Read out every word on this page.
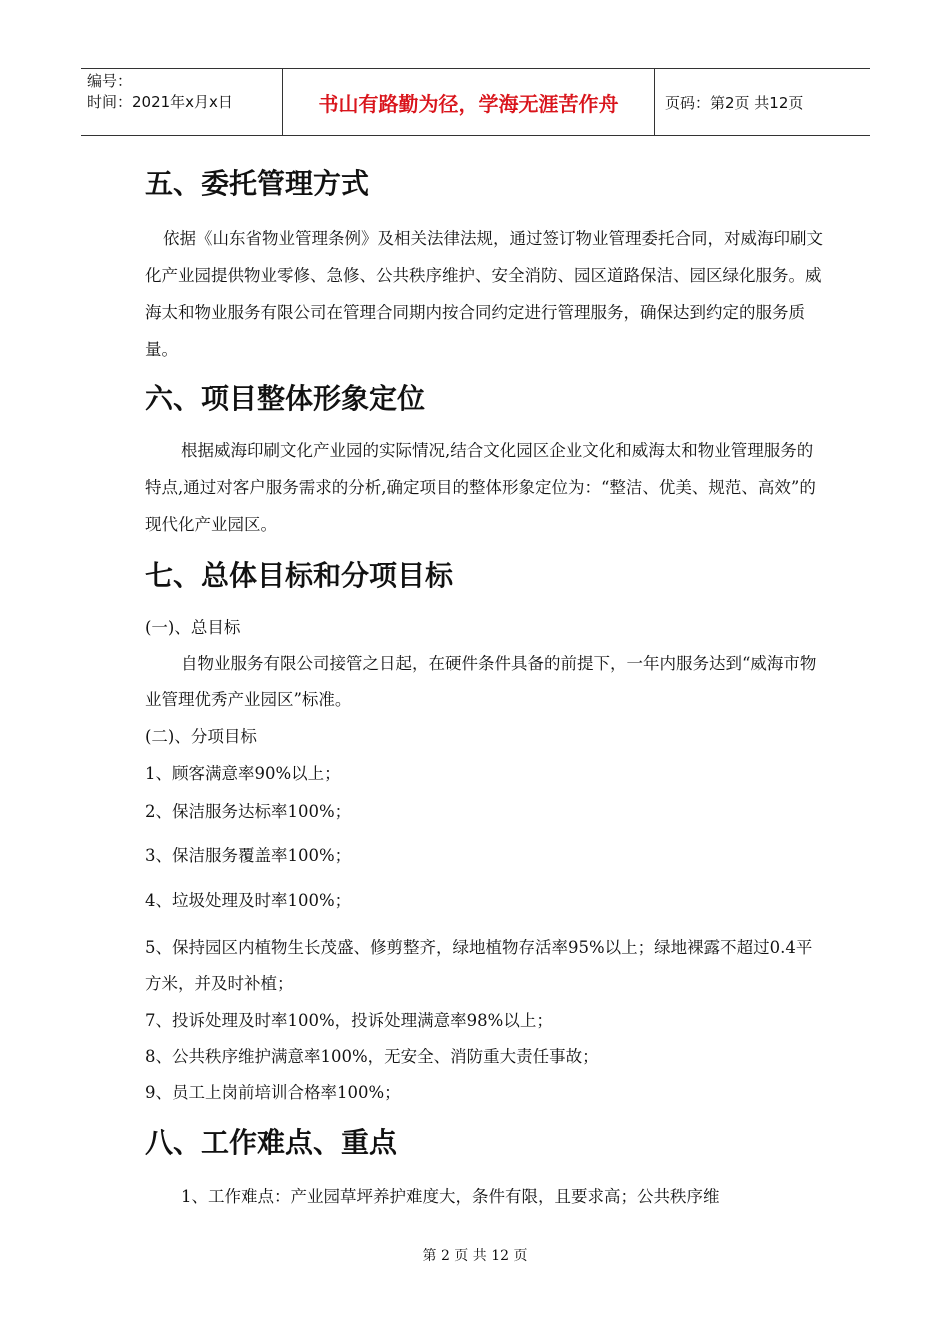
编号：
时间：2021年x月x日	书山有路勤为径，学海无涯苦作舟	页码：第2页 共12页
五、委托管理方式

依据《山东省物业管理条例》及相关法律法规，通过签订物业管理委托合同，对威海印刷文化产业园提供物业零修、急修、公共秩序维护、安全消防、园区道路保洁、园区绿化服务。威海太和物业服务有限公司在管理合同期内按合同约定进行管理服务，确保达到约定的服务质量。

六、项目整体形象定位

根据威海印刷文化产业园的实际情况,结合文化园区企业文化和威海太和物业管理服务的特点,通过对客户服务需求的分析,确定项目的整体形象定位为：“整洁、优美、规范、高效”的现代化产业园区。

七、总体目标和分项目标

(一)、总目标

自物业服务有限公司接管之日起，在硬件条件具备的前提下，一年内服务达到“威海市物业管理优秀产业园区”标准。

(二)、分项目标

1、顾客满意率90%以上；

2、保洁服务达标率100%；

3、保洁服务覆盖率100%；

4、垃圾处理及时率100%；

5、保持园区内植物生长茂盛、修剪整齐，绿地植物存活率95%以上；绿地裸露不超过0.4平方米，并及时补植；

7、投诉处理及时率100%，投诉处理满意率98%以上；

8、公共秩序维护满意率100%，无安全、消防重大责任事故；

9、员工上岗前培训合格率100%；

八、工作难点、重点

1、工作难点：产业园草坪养护难度大，条件有限，且要求高；公共秩序维

第 2 页 共 12 页
